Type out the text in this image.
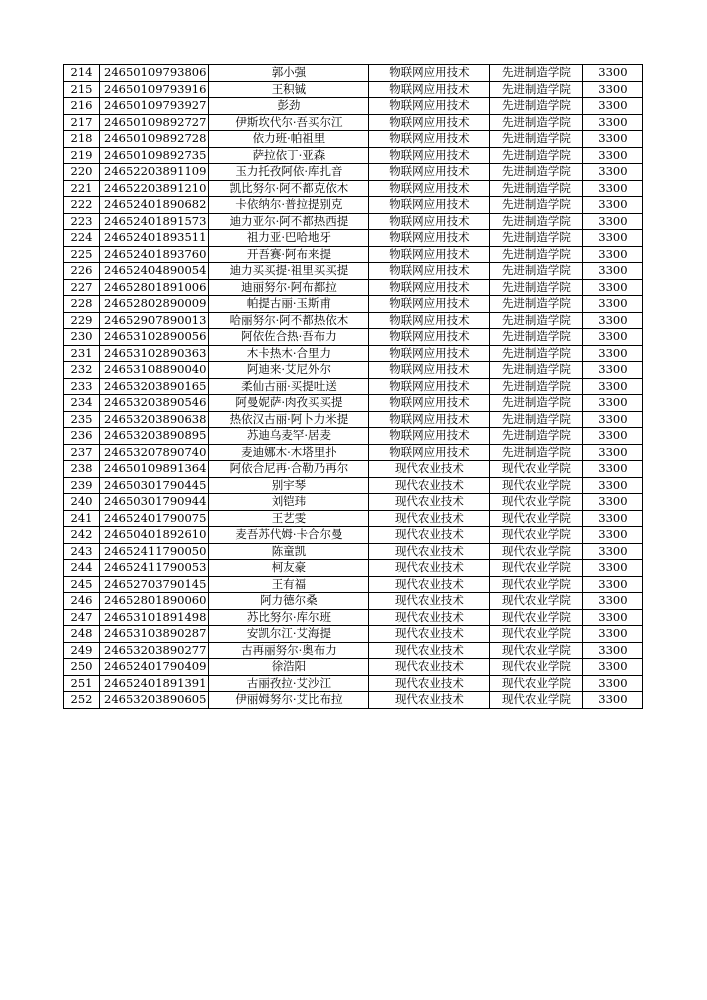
214	24650109793806	郭小强	物联网应用技术	先进制造学院	3300
215	24650109793916	王积铖	物联网应用技术	先进制造学院	3300
216	24650109793927	彭劲	物联网应用技术	先进制造学院	3300
217	24650109892727	伊斯坎代尔·吾买尔江	物联网应用技术	先进制造学院	3300
218	24650109892728	依力班·帕祖里	物联网应用技术	先进制造学院	3300
219	24650109892735	萨拉依丁·亚森	物联网应用技术	先进制造学院	3300
220	24652203891109	玉力托孜阿依·库扎音	物联网应用技术	先进制造学院	3300
221	24652203891210	凯比努尔·阿不都克依木	物联网应用技术	先进制造学院	3300
222	24652401890682	卡依纳尔·普拉提别克	物联网应用技术	先进制造学院	3300
223	24652401891573	迪力亚尔·阿不都热西提	物联网应用技术	先进制造学院	3300
224	24652401893511	祖力亚·巴哈地牙	物联网应用技术	先进制造学院	3300
225	24652401893760	开吾赛·阿布来提	物联网应用技术	先进制造学院	3300
226	24652404890054	迪力买买提·祖里买买提	物联网应用技术	先进制造学院	3300
227	24652801891006	迪丽努尔·阿布都拉	物联网应用技术	先进制造学院	3300
228	24652802890009	帕提古丽·玉斯甫	物联网应用技术	先进制造学院	3300
229	24652907890013	哈丽努尔·阿不都热依木	物联网应用技术	先进制造学院	3300
230	24653102890056	阿依佐合热·吾布力	物联网应用技术	先进制造学院	3300
231	24653102890363	木卡热木·合里力	物联网应用技术	先进制造学院	3300
232	24653108890040	阿迪来·艾尼外尔	物联网应用技术	先进制造学院	3300
233	24653203890165	柔仙古丽·买提吐送	物联网应用技术	先进制造学院	3300
234	24653203890546	阿曼妮萨·肉孜买买提	物联网应用技术	先进制造学院	3300
235	24653203890638	热依汉古丽·阿卜力米提	物联网应用技术	先进制造学院	3300
236	24653203890895	苏迪乌麦罕·居麦	物联网应用技术	先进制造学院	3300
237	24653207890740	麦迪娜木·木塔里扑	物联网应用技术	先进制造学院	3300
238	24650109891364	阿依合尼再·合勒乃再尔	现代农业技术	现代农业学院	3300
239	24650301790445	别宇琴	现代农业技术	现代农业学院	3300
240	24650301790944	刘铠玮	现代农业技术	现代农业学院	3300
241	24652401790075	王艺雯	现代农业技术	现代农业学院	3300
242	24650401892610	麦吾苏代姆·卡合尔曼	现代农业技术	现代农业学院	3300
243	24652411790050	陈童凯	现代农业技术	现代农业学院	3300
244	24652411790053	柯友豪	现代农业技术	现代农业学院	3300
245	24652703790145	王有福	现代农业技术	现代农业学院	3300
246	24652801890060	阿力德尔桑	现代农业技术	现代农业学院	3300
247	24653101891498	苏比努尔·库尔班	现代农业技术	现代农业学院	3300
248	24653103890287	安凯尔江·艾海提	现代农业技术	现代农业学院	3300
249	24653203890277	古再丽努尔·奥布力	现代农业技术	现代农业学院	3300
250	24652401790409	徐浩阳	现代农业技术	现代农业学院	3300
251	24652401891391	古丽孜拉·艾沙江	现代农业技术	现代农业学院	3300
252	24653203890605	伊丽姆努尔·艾比布拉	现代农业技术	现代农业学院	3300
